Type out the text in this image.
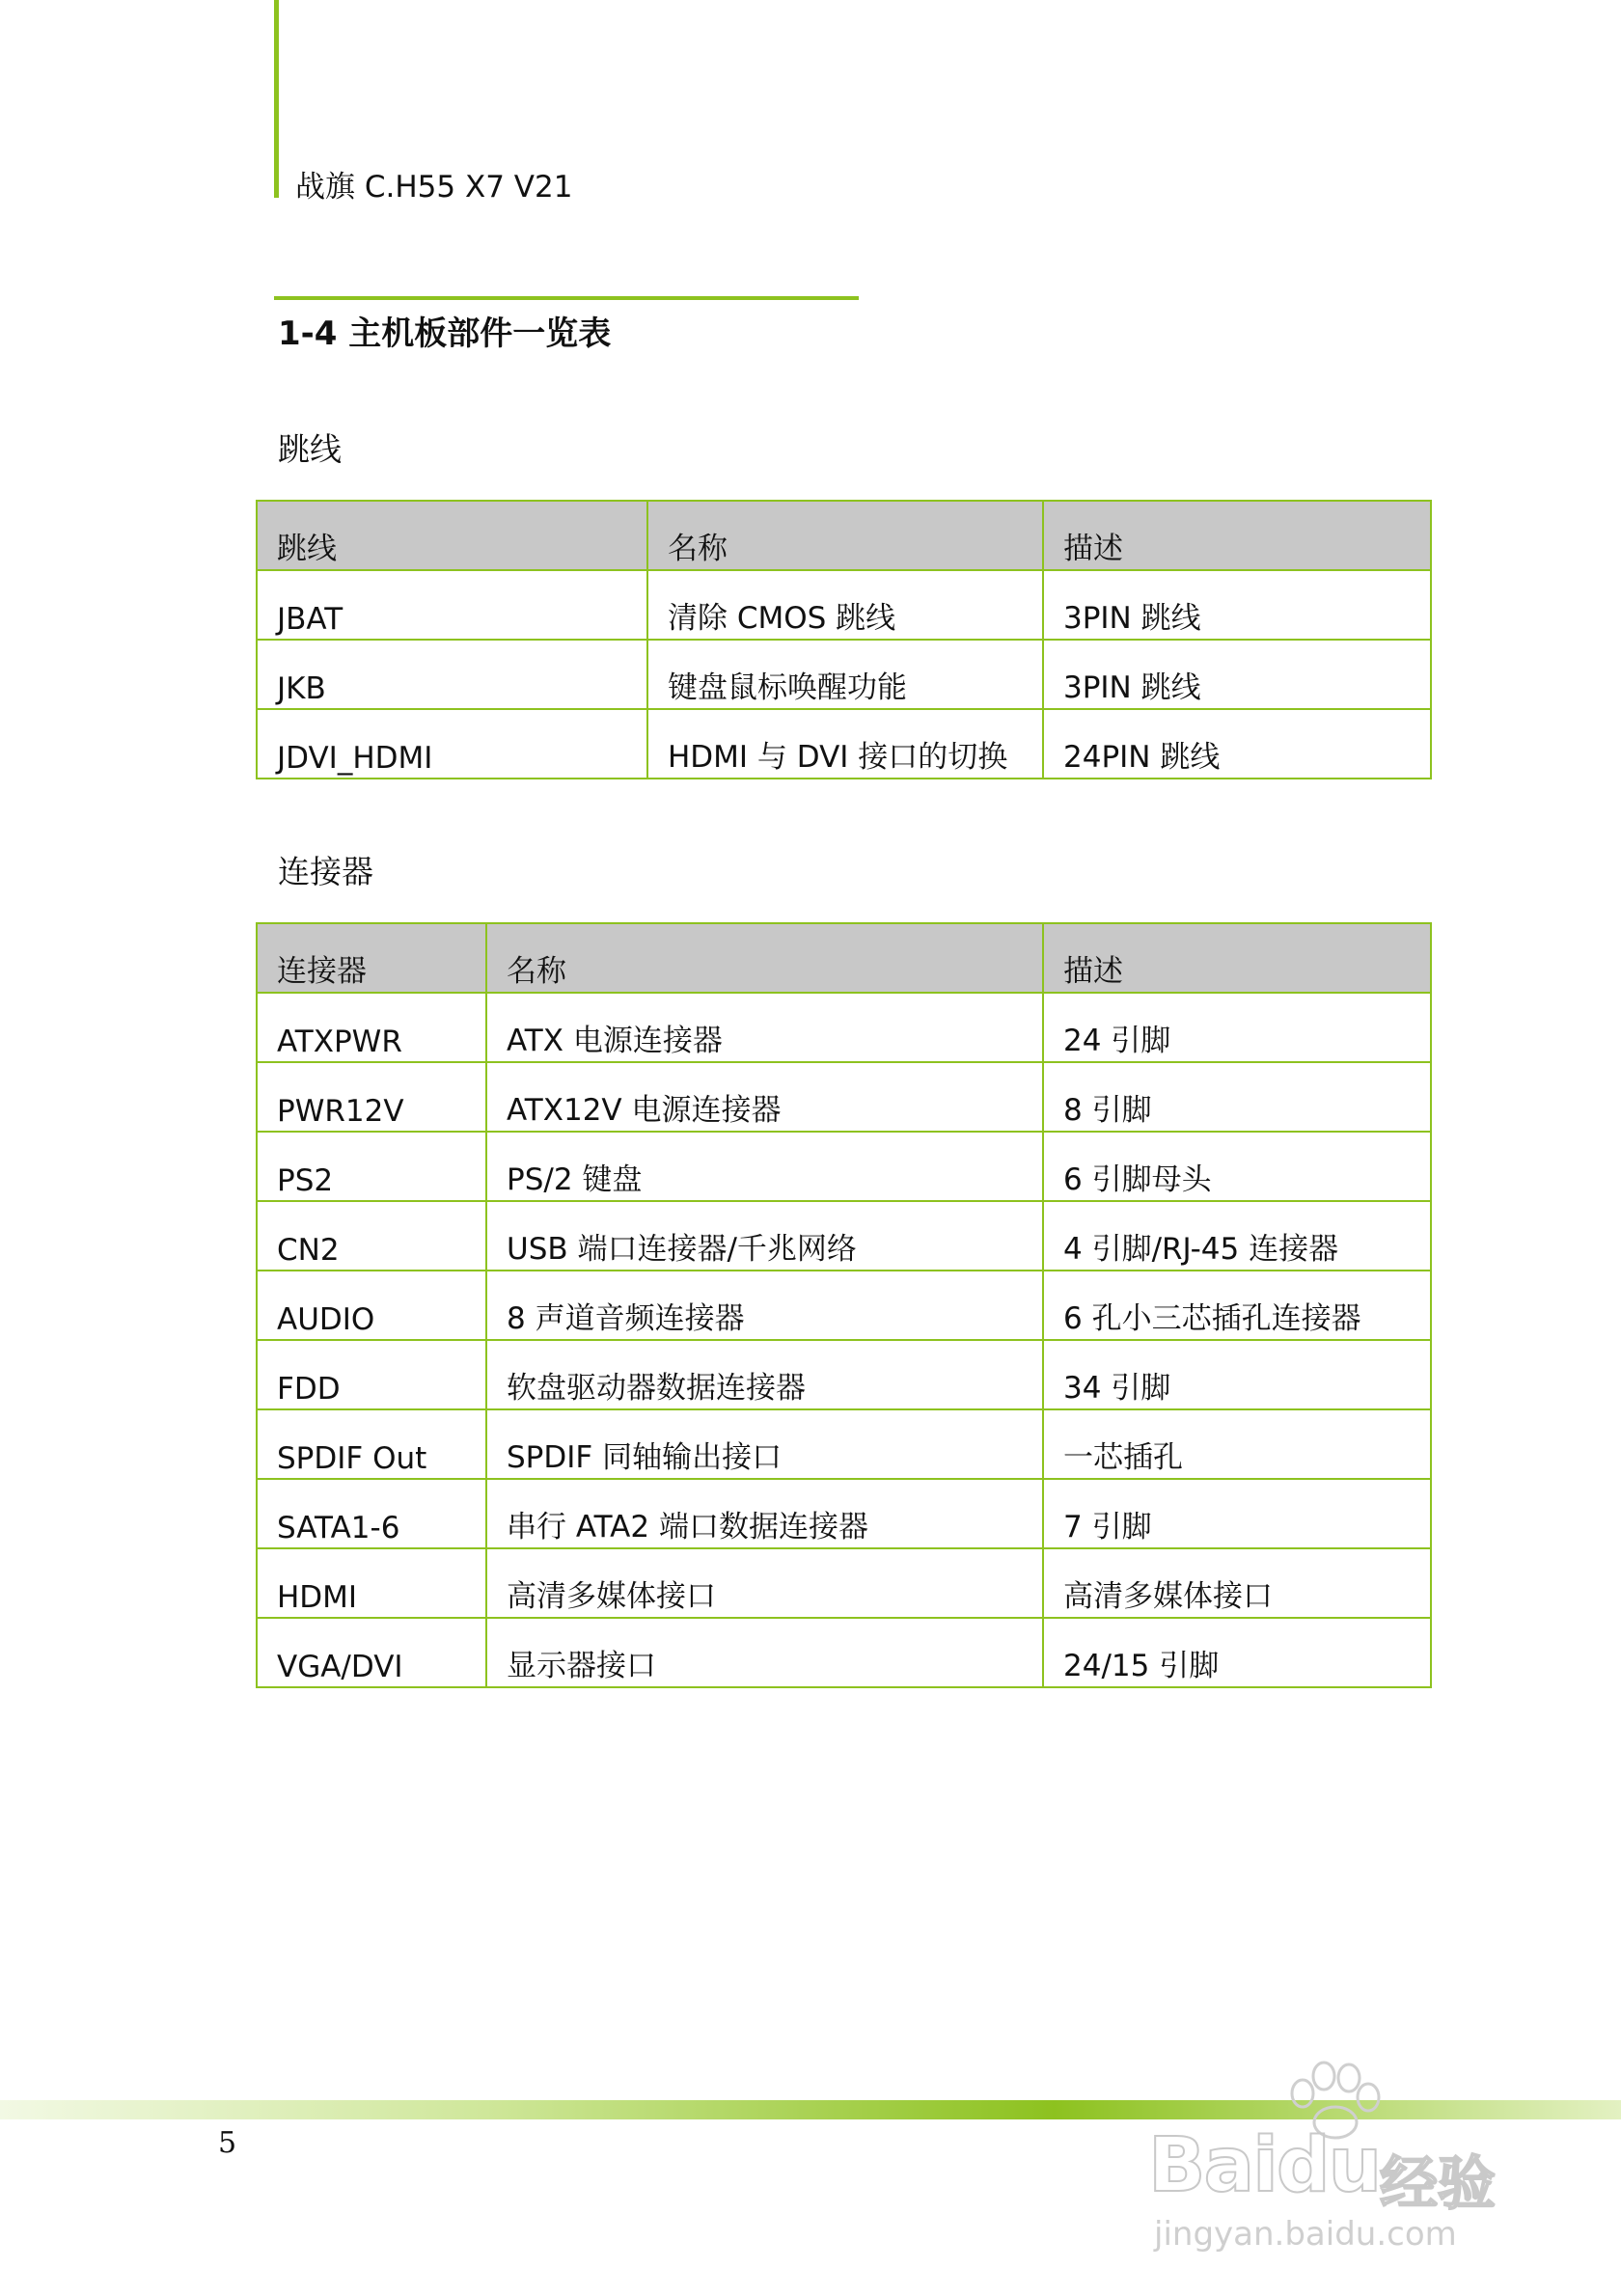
战旗 C.H55 X7 V21
1-4 主机板部件一览表
跳线
跳线	名称	描述
JBAT	清除 CMOS 跳线	3PIN 跳线
JKB	键盘鼠标唤醒功能	3PIN 跳线
JDVI_HDMI	HDMI 与 DVI 接口的切换	24PIN 跳线
连接器
连接器	名称	描述
ATXPWR	ATX 电源连接器	24 引脚
PWR12V	ATX12V 电源连接器	8 引脚
PS2	PS/2 键盘	6 引脚母头
CN2	USB 端口连接器/千兆网络	4 引脚/RJ-45 连接器
AUDIO	8 声道音频连接器	6 孔小三芯插孔连接器
FDD	软盘驱动器数据连接器	34 引脚
SPDIF Out	SPDIF 同轴输出接口	一芯插孔
SATA1-6	串行 ATA2 端口数据连接器	7 引脚
HDMI	高清多媒体接口	高清多媒体接口
VGA/DVI	显示器接口	24/15 引脚
5	Baidu 经验
jingyan.baidu.com
